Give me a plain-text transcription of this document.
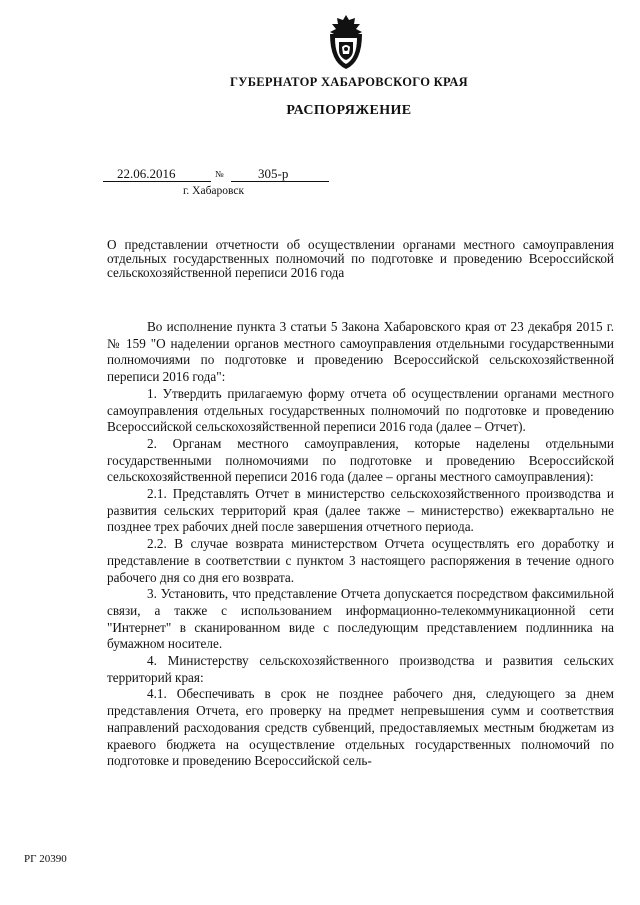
ГУБЕРНАТОР ХАБАРОВСКОГО КРАЯ
РАСПОРЯЖЕНИЕ
22.06.2016	№	305-р
г. Хабаровск
О представлении отчетности об осуществлении органами местного самоуправления отдельных государственных полномочий по подготовке и проведению Всероссийской сельскохозяйственной переписи 2016 года

Во исполнение пункта 3 статьи 5 Закона Хабаровского края от 23 декабря 2015 г. № 159 "О наделении органов местного самоуправления отдельными государственными полномочиями по подготовке и проведению Всероссийской сельскохозяйственной переписи 2016 года":

1. Утвердить прилагаемую форму отчета об осуществлении органами местного самоуправления отдельных государственных полномочий по подготовке и проведению Всероссийской сельскохозяйственной переписи 2016 года (далее – Отчет).

2. Органам местного самоуправления, которые наделены отдельными государственными полномочиями по подготовке и проведению Всероссийской сельскохозяйственной переписи 2016 года (далее – органы местного самоуправления):

2.1. Представлять Отчет в министерство сельскохозяйственного производства и развития сельских территорий края (далее также – министерство) ежеквартально не позднее трех рабочих дней после завершения отчетного периода.

2.2. В случае возврата министерством Отчета осуществлять его доработку и представление в соответствии с пунктом 3 настоящего распоряжения в течение одного рабочего дня со дня его возврата.

3. Установить, что представление Отчета допускается посредством факсимильной связи, а также с использованием информационно-телекоммуникационной сети "Интернет" в сканированном виде с последующим представлением подлинника на бумажном носителе.

4. Министерству сельскохозяйственного производства и развития сельских территорий края:

4.1. Обеспечивать в срок не позднее рабочего дня, следующего за днем представления Отчета, его проверку на предмет непревышения сумм и соответствия направлений расходования средств субвенций, предоставляемых местным бюджетам из краевого бюджета на осуществление отдельных государственных полномочий по подготовке и проведению Всероссийской сель-

РГ 20390
